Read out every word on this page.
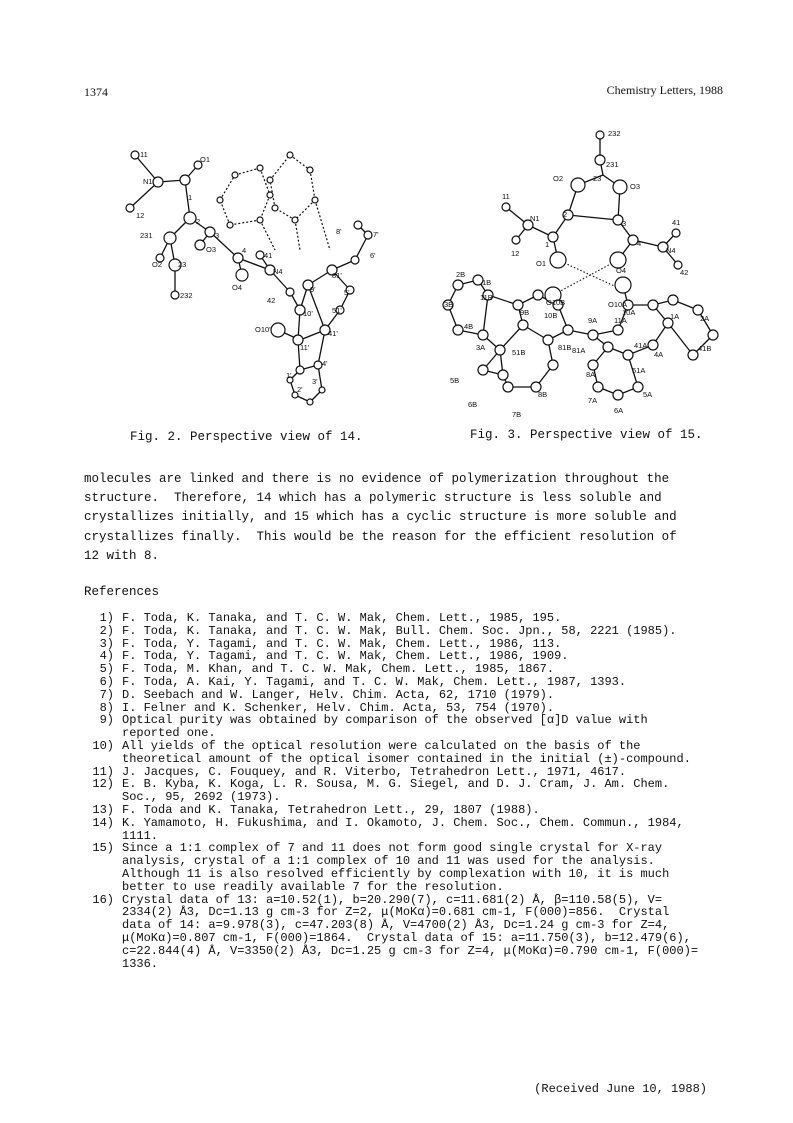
1374	Chemistry Letters, 1988
11
O1
N1
1
12
2
231	3
O2 23
O3	4
41
N4
O4
232
42
8'	7'
6'
81'
9'	5'
51'
10'
O10'	41'
11'
4'
1'
3'
2'
232
231
O2	23
O3
11
N1	2
3	41
1	4
N4
12
O1
O4	42
2B
1B
3B
11B
O10B	O10A
10A	1A	2A
10B
4B
9B
9A 11A
41B
3A
51B
81B 81A
41A
4A
5B
8A	51A
8B	5A
6B	7A
6A
7B
Fig. 2. Perspective view of 14.	Fig. 3. Perspective view of 15.
molecules are linked and there is no evidence of polymerization throughout the
structure.  Therefore, 14 which has a polymeric structure is less soluble and
crystallizes initially, and 15 which has a cyclic structure is more soluble and
crystallizes finally.  This would be the reason for the efficient resolution of
12 with 8.
References
1) F. Toda, K. Tanaka, and T. C. W. Mak, Chem. Lett., 1985, 195.
2) F. Toda, K. Tanaka, and T. C. W. Mak, Bull. Chem. Soc. Jpn., 58, 2221 (1985).
3) F. Toda, Y. Tagami, and T. C. W. Mak, Chem. Lett., 1986, 113.
4) F. Toda, Y. Tagami, and T. C. W. Mak, Chem. Lett., 1986, 1909.
5) F. Toda, M. Khan, and T. C. W. Mak, Chem. Lett., 1985, 1867.
6) F. Toda, A. Kai, Y. Tagami, and T. C. W. Mak, Chem. Lett., 1987, 1393.
7) D. Seebach and W. Langer, Helv. Chim. Acta, 62, 1710 (1979).
8) I. Felner and K. Schenker, Helv. Chim. Acta, 53, 754 (1970).
9) Optical purity was obtained by comparison of the observed [α]D value with
reported one.
10) All yields of the optical resolution were calculated on the basis of the
theoretical amount of the optical isomer contained in the initial (±)-compound.
11) J. Jacques, C. Fouquey, and R. Viterbo, Tetrahedron Lett., 1971, 4617.
12) E. B. Kyba, K. Koga, L. R. Sousa, M. G. Siegel, and D. J. Cram, J. Am. Chem.
Soc., 95, 2692 (1973).
13) F. Toda and K. Tanaka, Tetrahedron Lett., 29, 1807 (1988).
14) K. Yamamoto, H. Fukushima, and I. Okamoto, J. Chem. Soc., Chem. Commun., 1984,
1111.
15) Since a 1:1 complex of 7 and 11 does not form good single crystal for X-ray
analysis, crystal of a 1:1 complex of 10 and 11 was used for the analysis.
Although 11 is also resolved efficiently by complexation with 10, it is much
better to use readily available 7 for the resolution.
16) Crystal data of 13: a=10.52(1), b=20.290(7), c=11.681(2) Å, β=110.58(5), V=
2334(2) Å3, Dc=1.13 g cm-3 for Z=2, μ(MoKα)=0.681 cm-1, F(000)=856.  Crystal
data of 14: a=9.978(3), c=47.203(8) Å, V=4700(2) Å3, Dc=1.24 g cm-3 for Z=4,
μ(MoKα)=0.807 cm-1, F(000)=1864.  Crystal data of 15: a=11.750(3), b=12.479(6),
c=22.844(4) Å, V=3350(2) Å3, Dc=1.25 g cm-3 for Z=4, μ(MoKα)=0.790 cm-1, F(000)=
1336.
(Received June 10, 1988)
